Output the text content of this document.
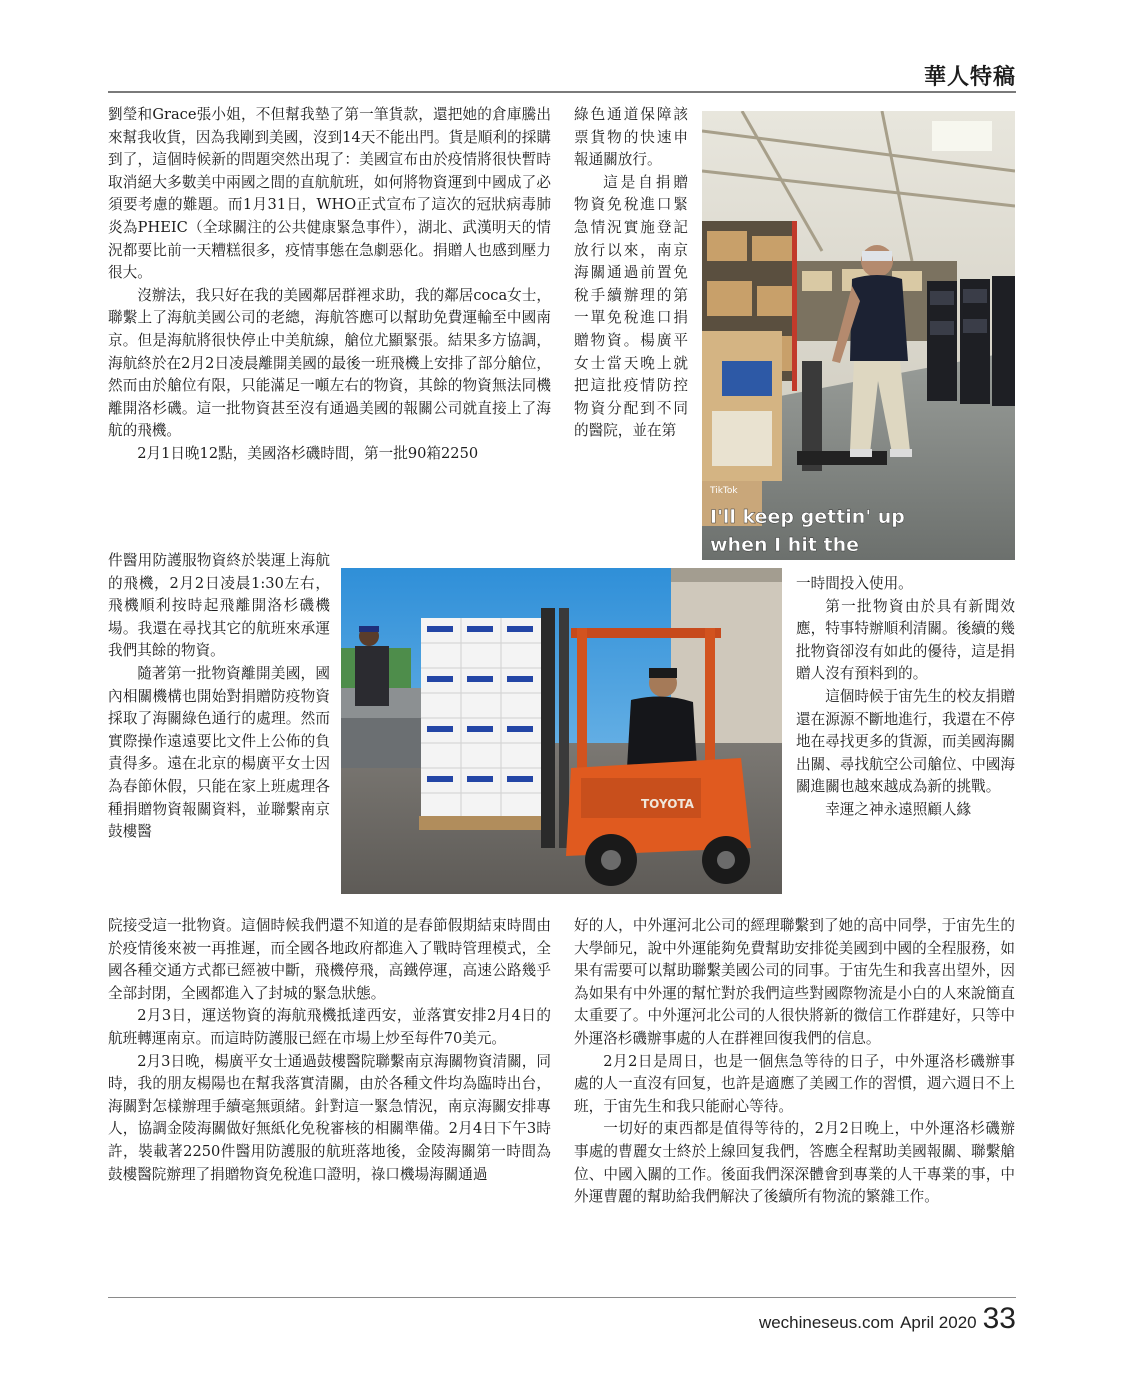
華人特稿
劉瑩和Grace張小姐，不但幫我墊了第一筆貨款，還把她的倉庫騰出來幫我收貨，因為我剛到美國，沒到14天不能出門。貨是順利的採購到了，這個時候新的問題突然出現了：美國宣布由於疫情將很快暫時取消絕大多數美中兩國之間的直航航班，如何將物資運到中國成了必須要考慮的難題。而1月31日，WHO正式宣布了這次的冠狀病毒肺炎為PHEIC（全球關注的公共健康緊急事件），湖北、武漢明天的情況都要比前一天糟糕很多，疫情事態在急劇惡化。捐贈人也感到壓力很大。
沒辦法，我只好在我的美國鄰居群裡求助，我的鄰居coca女士，聯繫上了海航美國公司的老總，海航答應可以幫助免費運輸至中國南京。但是海航將很快停止中美航線，艙位尤顯緊張。結果多方協調，海航終於在2月2日凌晨離開美國的最後一班飛機上安排了部分艙位，然而由於艙位有限，只能滿足一噸左右的物資，其餘的物資無法同機離開洛杉磯。這一批物資甚至沒有通過美國的報關公司就直接上了海航的飛機。
2月1日晚12點，美國洛杉磯時間，第一批90箱2250
件醫用防護服物資終於裝運上海航的飛機，2月2日凌晨1:30左右，飛機順利按時起飛離開洛杉磯機場。我還在尋找其它的航班來承運我們其餘的物資。
隨著第一批物資離開美國，國內相關機構也開始對捐贈防疫物資採取了海關綠色通行的處理。然而實際操作遠遠要比文件上公佈的負責得多。遠在北京的楊廣平女士因為春節休假，只能在家上班處理各種捐贈物資報關資料，並聯繫南京鼓樓醫
院接受這一批物資。這個時候我們還不知道的是春節假期結束時間由於疫情後來被一再推遲，而全國各地政府都進入了戰時管理模式，全國各種交通方式都已經被中斷，飛機停飛，高鐵停運，高速公路幾乎全部封閉，全國都進入了封城的緊急狀態。
2月3日，運送物資的海航飛機抵達西安，並落實安排2月4日的航班轉運南京。而這時防護服已經在市場上炒至每件70美元。
2月3日晚，楊廣平女士通過鼓樓醫院聯繫南京海關物資清關，同時，我的朋友楊陽也在幫我落實清關，由於各種文件均為臨時出台，海關對怎樣辦理手續毫無頭緒。針對這一緊急情況，南京海關安排專人，協調金陵海關做好無紙化免稅審核的相關準備。2月4日下午3時許，裝載著2250件醫用防護服的航班落地後，金陵海關第一時間為鼓樓醫院辦理了捐贈物資免稅進口證明，祿口機場海關通過
綠色通道保障該票貨物的快速申報通關放行。
這是自捐贈物資免稅進口緊急情況實施登記放行以來，南京海關通過前置免稅手續辦理的第一單免稅進口捐贈物資。楊廣平女士當天晚上就把這批疫情防控物資分配到不同的醫院，並在第
一時間投入使用。
第一批物資由於具有新聞效應，特事特辦順利清關。後續的幾批物資卻沒有如此的優待，這是捐贈人沒有預料到的。
這個時候于宙先生的校友捐贈還在源源不斷地進行，我還在不停地在尋找更多的貨源，而美國海關出關、尋找航空公司艙位、中國海關進關也越來越成為新的挑戰。
幸運之神永遠照顧人緣
好的人，中外運河北公司的經理聯繫到了她的高中同學，于宙先生的大學師兄，說中外運能夠免費幫助安排從美國到中國的全程服務，如果有需要可以幫助聯繫美國公司的同事。于宙先生和我喜出望外，因為如果有中外運的幫忙對於我們這些對國際物流是小白的人來說簡直太重要了。中外運河北公司的人很快將新的微信工作群建好，只等中外運洛杉磯辦事處的人在群裡回復我們的信息。
2月2日是周日，也是一個焦急等待的日子，中外運洛杉磯辦事處的人一直沒有回复，也許是適應了美國工作的習慣，週六週日不上班，于宙先生和我只能耐心等待。
一切好的東西都是值得等待的，2月2日晚上，中外運洛杉磯辦事處的曹麗女士終於上線回复我們，答應全程幫助美國報關、聯繫艙位、中國入關的工作。後面我們深深體會到專業的人干專業的事，中外運曹麗的幫助給我們解決了後續所有物流的繁雜工作。
TikTok
I'll keep gettin' up
when I hit the
TOYOTA
wechineseus.com April 2020 33
